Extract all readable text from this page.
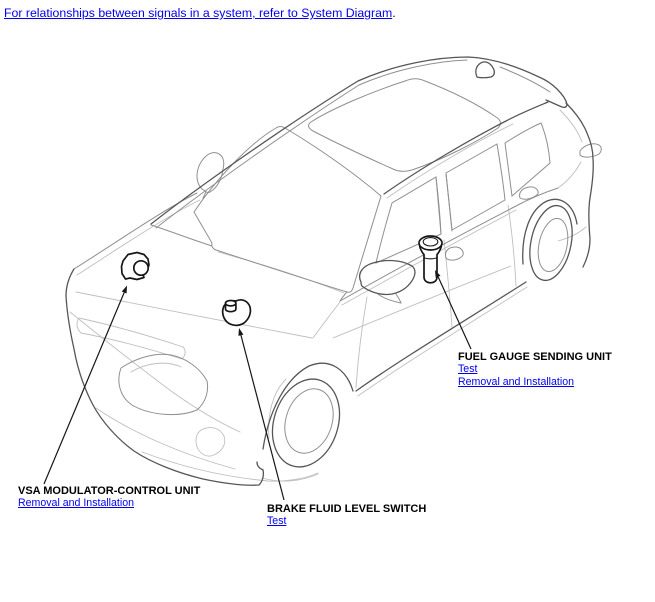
For relationships between signals in a system, refer to System Diagram.
VSA MODULATOR-CONTROL UNIT
Removal and Installation	BRAKE FLUID LEVEL SWITCH
Test
FUEL GAUGE SENDING UNIT
Test
Removal and Installation
